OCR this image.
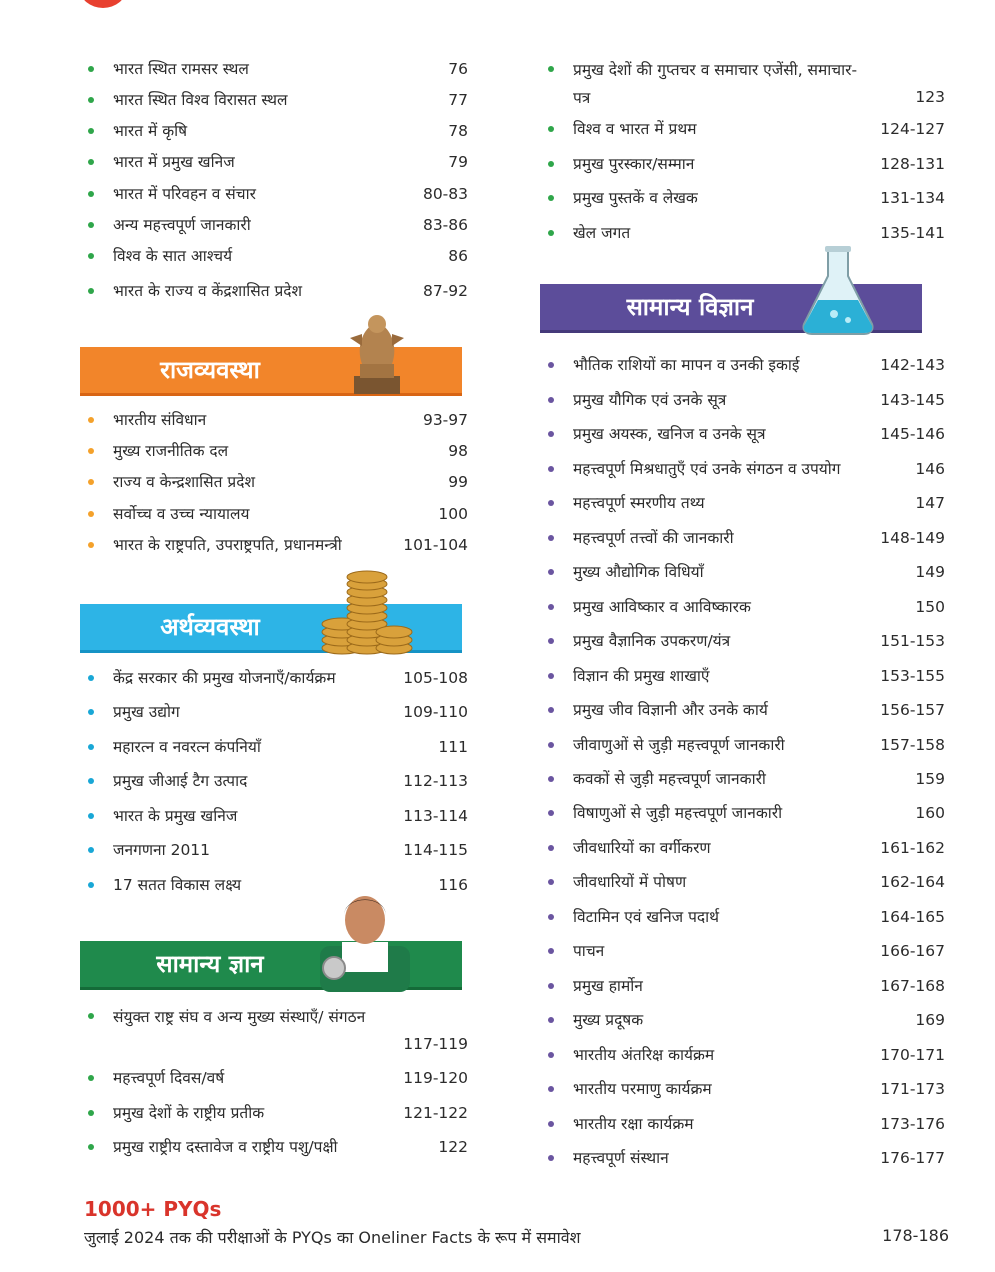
भारत स्थित रामसर स्थल	76
भारत स्थित विश्व विरासत स्थल	77
भारत में कृषि	78
भारत में प्रमुख खनिज	79
भारत में परिवहन व संचार	80-83
अन्य महत्त्वपूर्ण जानकारी	83-86
विश्व के सात आश्चर्य	86
भारत के राज्य व केंद्रशासित प्रदेश	87-92
राजव्यवस्था
भारतीय संविधान	93-97
मुख्य राजनीतिक दल	98
राज्य व केन्द्रशासित प्रदेश	99
सर्वोच्च व उच्च न्यायालय	100
भारत के राष्ट्रपति, उपराष्ट्रपति, प्रधानमन्त्री	101-104
अर्थव्यवस्था
केंद्र सरकार की प्रमुख योजनाएँ/कार्यक्रम	105-108
प्रमुख उद्योग	109-110
महारत्न व नवरत्न कंपनियाँ	111
प्रमुख जीआई टैग उत्पाद	112-113
भारत के प्रमुख खनिज	113-114
जनगणना 2011	114-115
17 सतत विकास लक्ष्य	116
सामान्य ज्ञान
संयुक्त राष्ट्र संघ व अन्य मुख्य संस्थाएँ/ संगठन
117-119
महत्त्वपूर्ण दिवस/वर्ष	119-120
प्रमुख देशों के राष्ट्रीय प्रतीक	121-122
प्रमुख राष्ट्रीय दस्तावेज व राष्ट्रीय पशु/पक्षी	122
प्रमुख देशों की गुप्तचर व समाचार एजेंसी, समाचार-पत्र	123
विश्व व भारत में प्रथम	124-127
प्रमुख पुरस्कार/सम्मान	128-131
प्रमुख पुस्तकें व लेखक	131-134
खेल जगत	135-141
सामान्य विज्ञान
भौतिक राशियों का मापन व उनकी इकाई	142-143
प्रमुख यौगिक एवं उनके सूत्र	143-145
प्रमुख अयस्क, खनिज व उनके सूत्र	145-146
महत्त्वपूर्ण मिश्रधातुएँ एवं उनके संगठन व उपयोग	146
महत्त्वपूर्ण स्मरणीय तथ्य	147
महत्त्वपूर्ण तत्त्वों की जानकारी	148-149
मुख्य औद्योगिक विधियाँ	149
प्रमुख आविष्कार व आविष्कारक	150
प्रमुख वैज्ञानिक उपकरण/यंत्र	151-153
विज्ञान की प्रमुख शाखाएँ	153-155
प्रमुख जीव विज्ञानी और उनके कार्य	156-157
जीवाणुओं से जुड़ी महत्त्वपूर्ण जानकारी	157-158
कवकों से जुड़ी महत्त्वपूर्ण जानकारी	159
विषाणुओं से जुड़ी महत्त्वपूर्ण जानकारी	160
जीवधारियों का वर्गीकरण	161-162
जीवधारियों में पोषण	162-164
विटामिन एवं खनिज पदार्थ	164-165
पाचन	166-167
प्रमुख हार्मोन	167-168
मुख्य प्रदूषक	169
भारतीय अंतरिक्ष कार्यक्रम	170-171
भारतीय परमाणु कार्यक्रम	171-173
भारतीय रक्षा कार्यक्रम	173-176
महत्त्वपूर्ण संस्थान	176-177
1000+ PYQs
जुलाई 2024 तक की परीक्षाओं के PYQs का Oneliner Facts के रूप में समावेश	178-186
